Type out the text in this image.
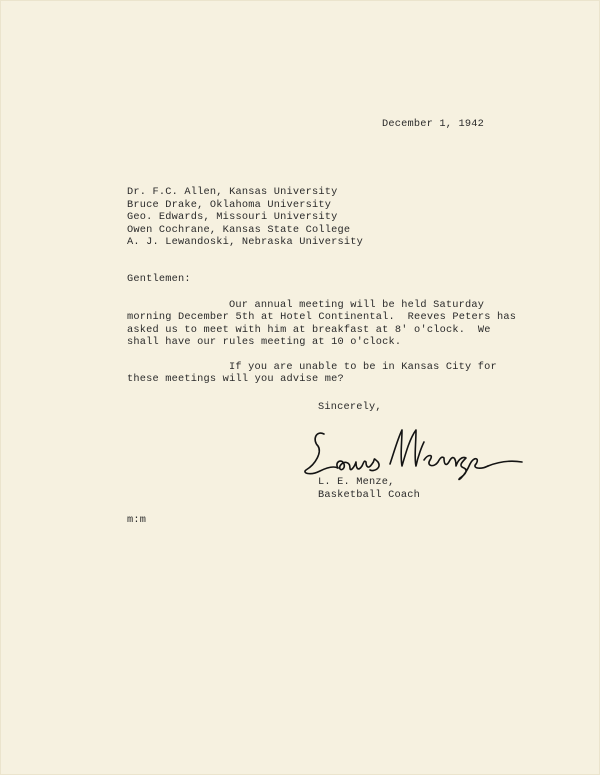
December 1, 1942
Dr. F.C. Allen, Kansas University
Bruce Drake, Oklahoma University
Geo. Edwards, Missouri University
Owen Cochrane, Kansas State College
A. J. Lewandoski, Nebraska University
Gentlemen:
Our annual meeting will be held Saturday
morning December 5th at Hotel Continental.  Reeves Peters has
asked us to meet with him at breakfast at 8' o'clock.  We
shall have our rules meeting at 10 o'clock.
If you are unable to be in Kansas City for
these meetings will you advise me?
Sincerely,
L. E. Menze,
Basketball Coach
m:m
